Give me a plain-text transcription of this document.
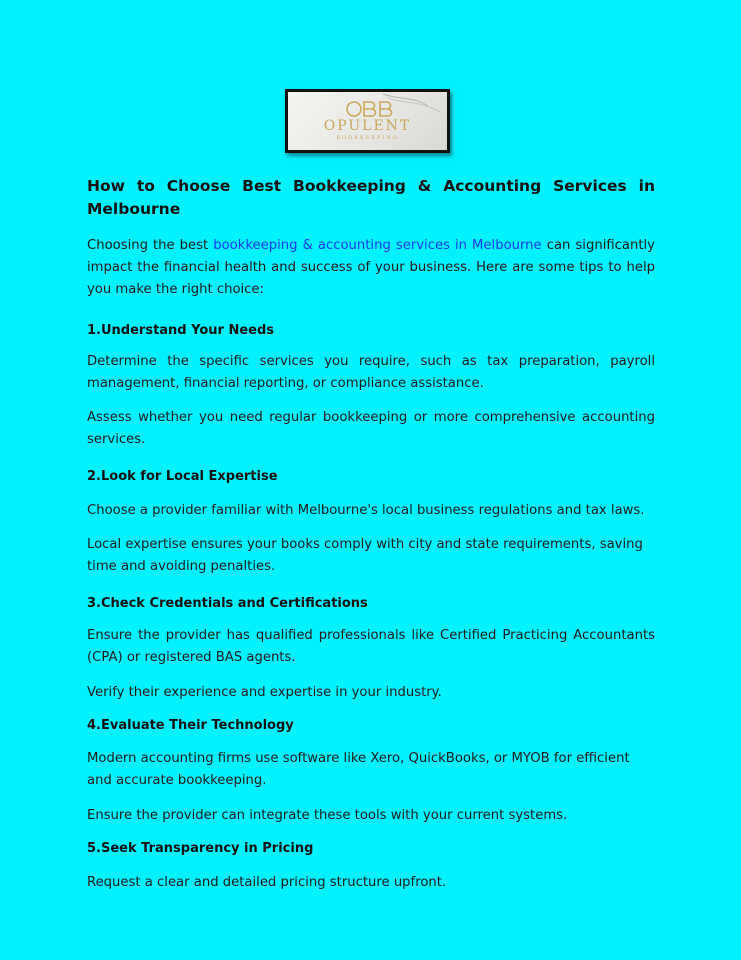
OPULENT
BOOKKEEPING
How to Choose Best Bookkeeping & Accounting Services in Melbourne

Choosing the best bookkeeping & accounting services in Melbourne can significantly impact the financial health and success of your business. Here are some tips to help you make the right choice:

1.Understand Your Needs

Determine the specific services you require, such as tax preparation, payroll management, financial reporting, or compliance assistance.

Assess whether you need regular bookkeeping or more comprehensive accounting services.

2.Look for Local Expertise

Choose a provider familiar with Melbourne's local business regulations and tax laws.

Local expertise ensures your books comply with city and state requirements, saving time and avoiding penalties.

3.Check Credentials and Certifications

Ensure the provider has qualified professionals like Certified Practicing Accountants (CPA) or registered BAS agents.

Verify their experience and expertise in your industry.

4.Evaluate Their Technology

Modern accounting firms use software like Xero, QuickBooks, or MYOB for efficient and accurate bookkeeping.

Ensure the provider can integrate these tools with your current systems.

5.Seek Transparency in Pricing

Request a clear and detailed pricing structure upfront.
